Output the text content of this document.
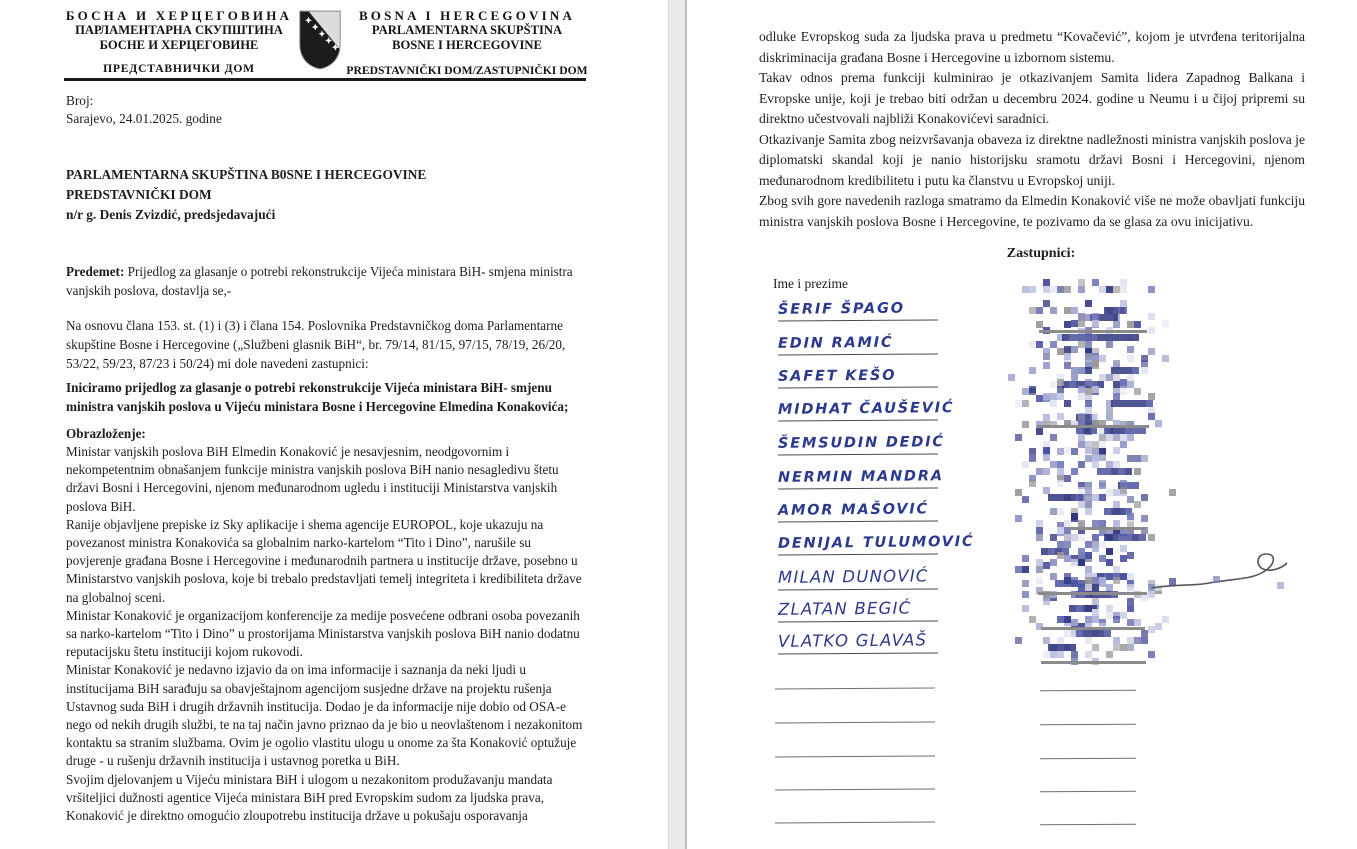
БОСНА И ХЕРЦЕГОВИНА
ПАРЛАМЕНТАРНА СКУПШТИНА
БОСНЕ И ХЕРЦЕГОВИНЕ
ПРЕДСТАВНИЧКИ ДОМ
BOSNA I HERCEGOVINA
PARLAMENTARNA SKUPŠTINA
BOSNE I HERCEGOVINE
PREDSTAVNIČKI DOM/ZASTUPNIČKI DOM
Broj:
Sarajevo, 24.01.2025. godine
PARLAMENTARNA SKUPŠTINA B0SNE I HERCEGOVINE
PREDSTAVNIČKI DOM
n/r g. Denis Zvizdić, predsjedavajući

Predemet: Prijedlog za glasanje o potrebi rekonstrukcije Vijeća ministara BiH- smjena ministra vanjskih poslova, dostavlja se,-

Na osnovu člana 153. st. (1) i (3) i člana 154. Poslovnika Predstavničkog doma Parlamentarne skupštine Bosne i Hercegovine („Službeni glasnik BiH“, br. 79/14, 81/15, 97/15, 78/19, 26/20, 53/22, 59/23, 87/23 i 50/24) mi dole navedeni zastupnici:

Iniciramo prijedlog za glasanje o potrebi rekonstrukcije Vijeća ministara BiH- smjenu ministra vanjskih poslova u Vijeću ministara Bosne i Hercegovine Elmedina Konakovića;

Obrazloženje:

Ministar vanjskih poslova BiH Elmedin Konaković je nesavjesnim, neodgovornim i nekompetentnim obnašanjem funkcije ministra vanjskih poslova BiH nanio nesagledivu štetu državi Bosni i Hercegovini, njenom međunarodnom ugledu i instituciji Ministarstva vanjskih poslova BiH.

Ranije objavljene prepiske iz Sky aplikacije i shema agencije EUROPOL, koje ukazuju na povezanost ministra Konakovića sa globalnim narko-kartelom “Tito i Dino”, narušile su povjerenje građana Bosne i Hercegovine i međunarodnih partnera u institucije države, posebno u Ministarstvo vanjskih poslova, koje bi trebalo predstavljati temelj integriteta i kredibiliteta države na globalnoj sceni.

Ministar Konaković je organizacijom konferencije za medije posvećene odbrani osoba povezanih sa narko-kartelom “Tito i Dino” u prostorijama Ministarstva vanjskih poslova BiH nanio dodatnu reputacijsku štetu instituciji kojom rukovodi.

Ministar Konaković je nedavno izjavio da on ima informacije i saznanja da neki ljudi u institucijama BiH sarađuju sa obavještajnom agencijom susjedne države na projektu rušenja Ustavnog suda BiH i drugih državnih institucija. Dodao je da informacije nije dobio od OSA-e nego od nekih drugih službi, te na taj način javno priznao da je bio u neovlaštenom i nezakonitom kontaktu sa stranim službama. Ovim je ogolio vlastitu ulogu u onome za šta Konaković optužuje druge - u rušenju državnih institucija i ustavnog poretka u BiH.

Svojim djelovanjem u Vijeću ministara BiH i ulogom u nezakonitom produžavanju mandata vršiteljici dužnosti agentice Vijeća ministara BiH pred Evropskim sudom za ljudska prava, Konaković je direktno omogućio zloupotrebu institucija države u pokušaju osporavanja

odluke Evropskog suda za ljudska prava u predmetu “Kovačević”, kojom je utvrđena teritorijalna diskriminacija građana Bosne i Hercegovine u izbornom sistemu.

Takav odnos prema funkciji kulminirao je otkazivanjem Samita lidera Zapadnog Balkana i Evropske unije, koji je trebao biti održan u decembru 2024. godine u Neumu i u čijoj pripremi su direktno učestvovali najbliži Konakovićevi saradnici.

Otkazivanje Samita zbog neizvršavanja obaveza iz direktne nadležnosti ministra vanjskih poslova je diplomatski skandal koji je nanio historijsku sramotu državi Bosni i Hercegovini, njenom međunarodnom kredibilitetu i putu ka članstvu u Evropskoj uniji.

Zbog svih gore navedenih razloga smatramo da Elmedin Konaković više ne može obavljati funkciju ministra vanjskih poslova Bosne i Hercegovine, te pozivamo da se glasa za ovu inicijativu.

Zastupnici:
Ime i prezime
ŠERIF ŠPAGO
EDIN RAMIĆ
SAFET KEŠO
MIDHAT ČAUŠEVIĆ
ŠEMSUDIN DEDIĆ
NERMIN MANDRA
AMOR MAŠOVIĆ
DENIJAL TULUMOVIĆ
MILAN DUNOVIĆ
ZLATAN BEGIĆ
VLATKO GLAVAŠ
